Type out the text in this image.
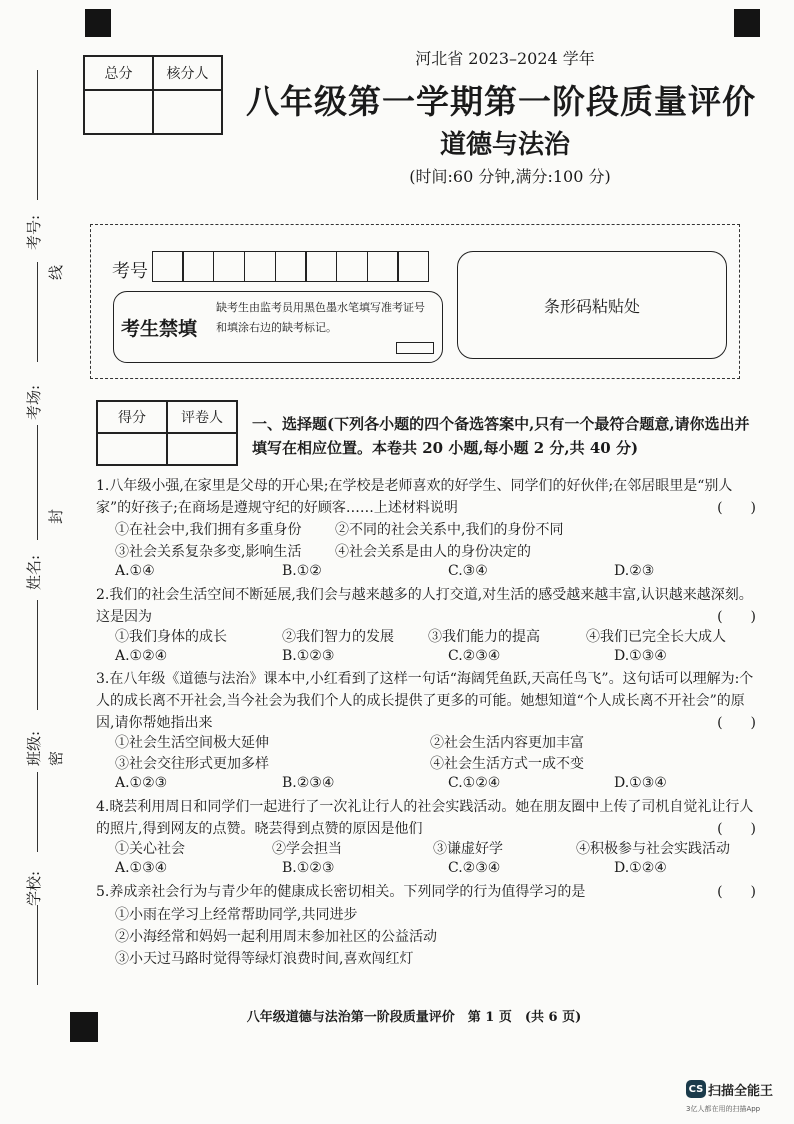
总分	核分人
河北省 2023–2024 学年
八年级第一学期第一阶段质量评价
道德与法治
(时间:60 分钟,满分:100 分)
考号:
线
考场:
封
姓名:
班级: 密
学校:
考号
考生禁填
缺考生由监考员用黑色墨水笔填写准考证号和填涂右边的缺考标记。
条形码粘贴处
得分	评卷人	一、选择题(下列各小题的四个备选答案中,只有一个最符合题意,请你选出并填写在相应位置。本卷共 20 小题,每小题 2 分,共 40 分)
1.八年级小强,在家里是父母的开心果;在学校是老师喜欢的好学生、同学们的好伙伴;在邻居眼里是“别人家”的好孩子;在商场是遵规守纪的好顾客……上述材料说明	(　　)
①在社会中,我们拥有多重身份 ②不同的社会关系中,我们的身份不同
③社会关系复杂多变,影响生活 ④社会关系是由人的身份决定的
A.①④	B.①②	C.③④	D.②③
2.我们的社会生活空间不断延展,我们会与越来越多的人打交道,对生活的感受越来越丰富,认识越来越深刻。这是因为	(　　)
①我们身体的成长	②我们智力的发展 ③我们能力的提高	④我们已完全长大成人
A.①②④	B.①②③	C.②③④	D.①③④
3.在八年级《道德与法治》课本中,小红看到了这样一句话“海阔凭鱼跃,天高任鸟飞”。这句话可以理解为:个人的成长离不开社会,当今社会为我们个人的成长提供了更多的可能。她想知道“个人成长离不开社会”的原因,请你帮她指出来	(　　)
①社会生活空间极大延伸	②社会生活内容更加丰富
③社会交往形式更加多样	④社会生活方式一成不变
A.①②③	B.②③④	C.①②④	D.①③④
4.晓芸利用周日和同学们一起进行了一次礼让行人的社会实践活动。她在朋友圈中上传了司机自觉礼让行人的照片,得到网友的点赞。晓芸得到点赞的原因是他们	(　　)
①关心社会	②学会担当	③谦虚好学	④积极参与社会实践活动
A.①③④	B.①②③	C.②③④	D.①②④
5.养成亲社会行为与青少年的健康成长密切相关。下列同学的行为值得学习的是	(　　)
①小雨在学习上经常帮助同学,共同进步
②小海经常和妈妈一起利用周末参加社区的公益活动
③小天过马路时觉得等绿灯浪费时间,喜欢闯红灯
八年级道德与法治第一阶段质量评价　第 1 页　(共 6 页)
CS 扫描全能王
3亿人都在用的扫描App
